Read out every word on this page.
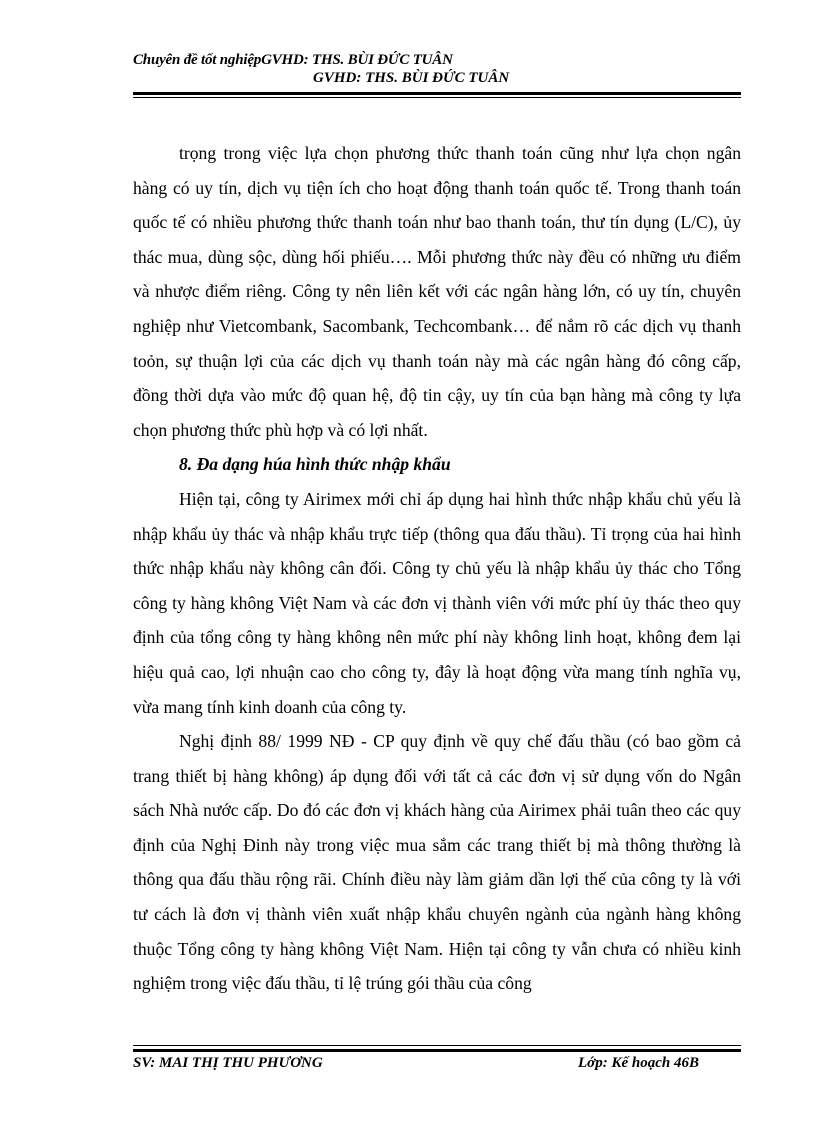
Chuyên đề tốt nghiệpGVHD: THS. BÙI ĐỨC TUÂN
GVHD: THS. BÙI ĐỨC TUÂN

trọng trong việc lựa chọn phương thức thanh toán cũng như lựa chọn ngân hàng có uy tín, dịch vụ tiện ích cho hoạt động thanh toán quốc tế. Trong thanh toán quốc tế có nhiều phương thức thanh toán như bao thanh toán, thư tín dụng (L/C), ủy thác mua, dùng sộc, dùng hối phiếu…. Mỗi phương thức này đều có những ưu điểm và nhược điểm riêng. Công ty nên liên kết với các ngân hàng lớn, có uy tín, chuyên nghiệp như Vietcombank, Sacombank, Techcombank… để nắm rõ các dịch vụ thanh toỏn, sự thuận lợi của các dịch vụ thanh toán này mà các ngân hàng đó công cấp, đồng thời dựa vào mức độ quan hệ, độ tin cậy, uy tín của bạn hàng mà công ty lựa chọn phương thức phù hợp và có lợi nhất.

8. Đa dạng húa hình thức nhập khẩu

Hiện tại, công ty Airimex mới chỉ áp dụng hai hình thức nhập khẩu chủ yếu là nhập khẩu ủy thác và nhập khẩu trực tiếp (thông qua đấu thầu). Tỉ trọng của hai hình thức nhập khẩu này không cân đối. Công ty chủ yếu là nhập khẩu ủy thác cho Tổng công ty hàng không Việt Nam và các đơn vị thành viên với mức phí ủy thác theo quy định của tổng công ty hàng không nên mức phí này không linh hoạt, không đem lại hiệu quả cao, lợi nhuận cao cho công ty, đây là hoạt động vừa mang tính nghĩa vụ, vừa mang tính kinh doanh của công ty.

Nghị định 88/ 1999 NĐ - CP quy định về quy chế đấu thầu (có bao gồm cả trang thiết bị hàng không) áp dụng đối với tất cả các đơn vị sử dụng vốn do Ngân sách Nhà nước cấp. Do đó các đơn vị khách hàng của Airimex phải tuân theo các quy định của Nghị Đinh này trong việc mua sắm các trang thiết bị mà thông thường là thông qua đấu thầu rộng rãi. Chính điều này làm giảm dần lợi thế của công ty là với tư cách là đơn vị thành viên xuất nhập khẩu chuyên ngành của ngành hàng không thuộc Tổng công ty hàng không Việt Nam. Hiện tại công ty vẫn chưa có nhiều kinh nghiệm trong việc đấu thầu, tỉ lệ trúng gói thầu của công

SV: MAI THỊ THU PHƯƠNG	Lớp: Kế hoạch 46B
